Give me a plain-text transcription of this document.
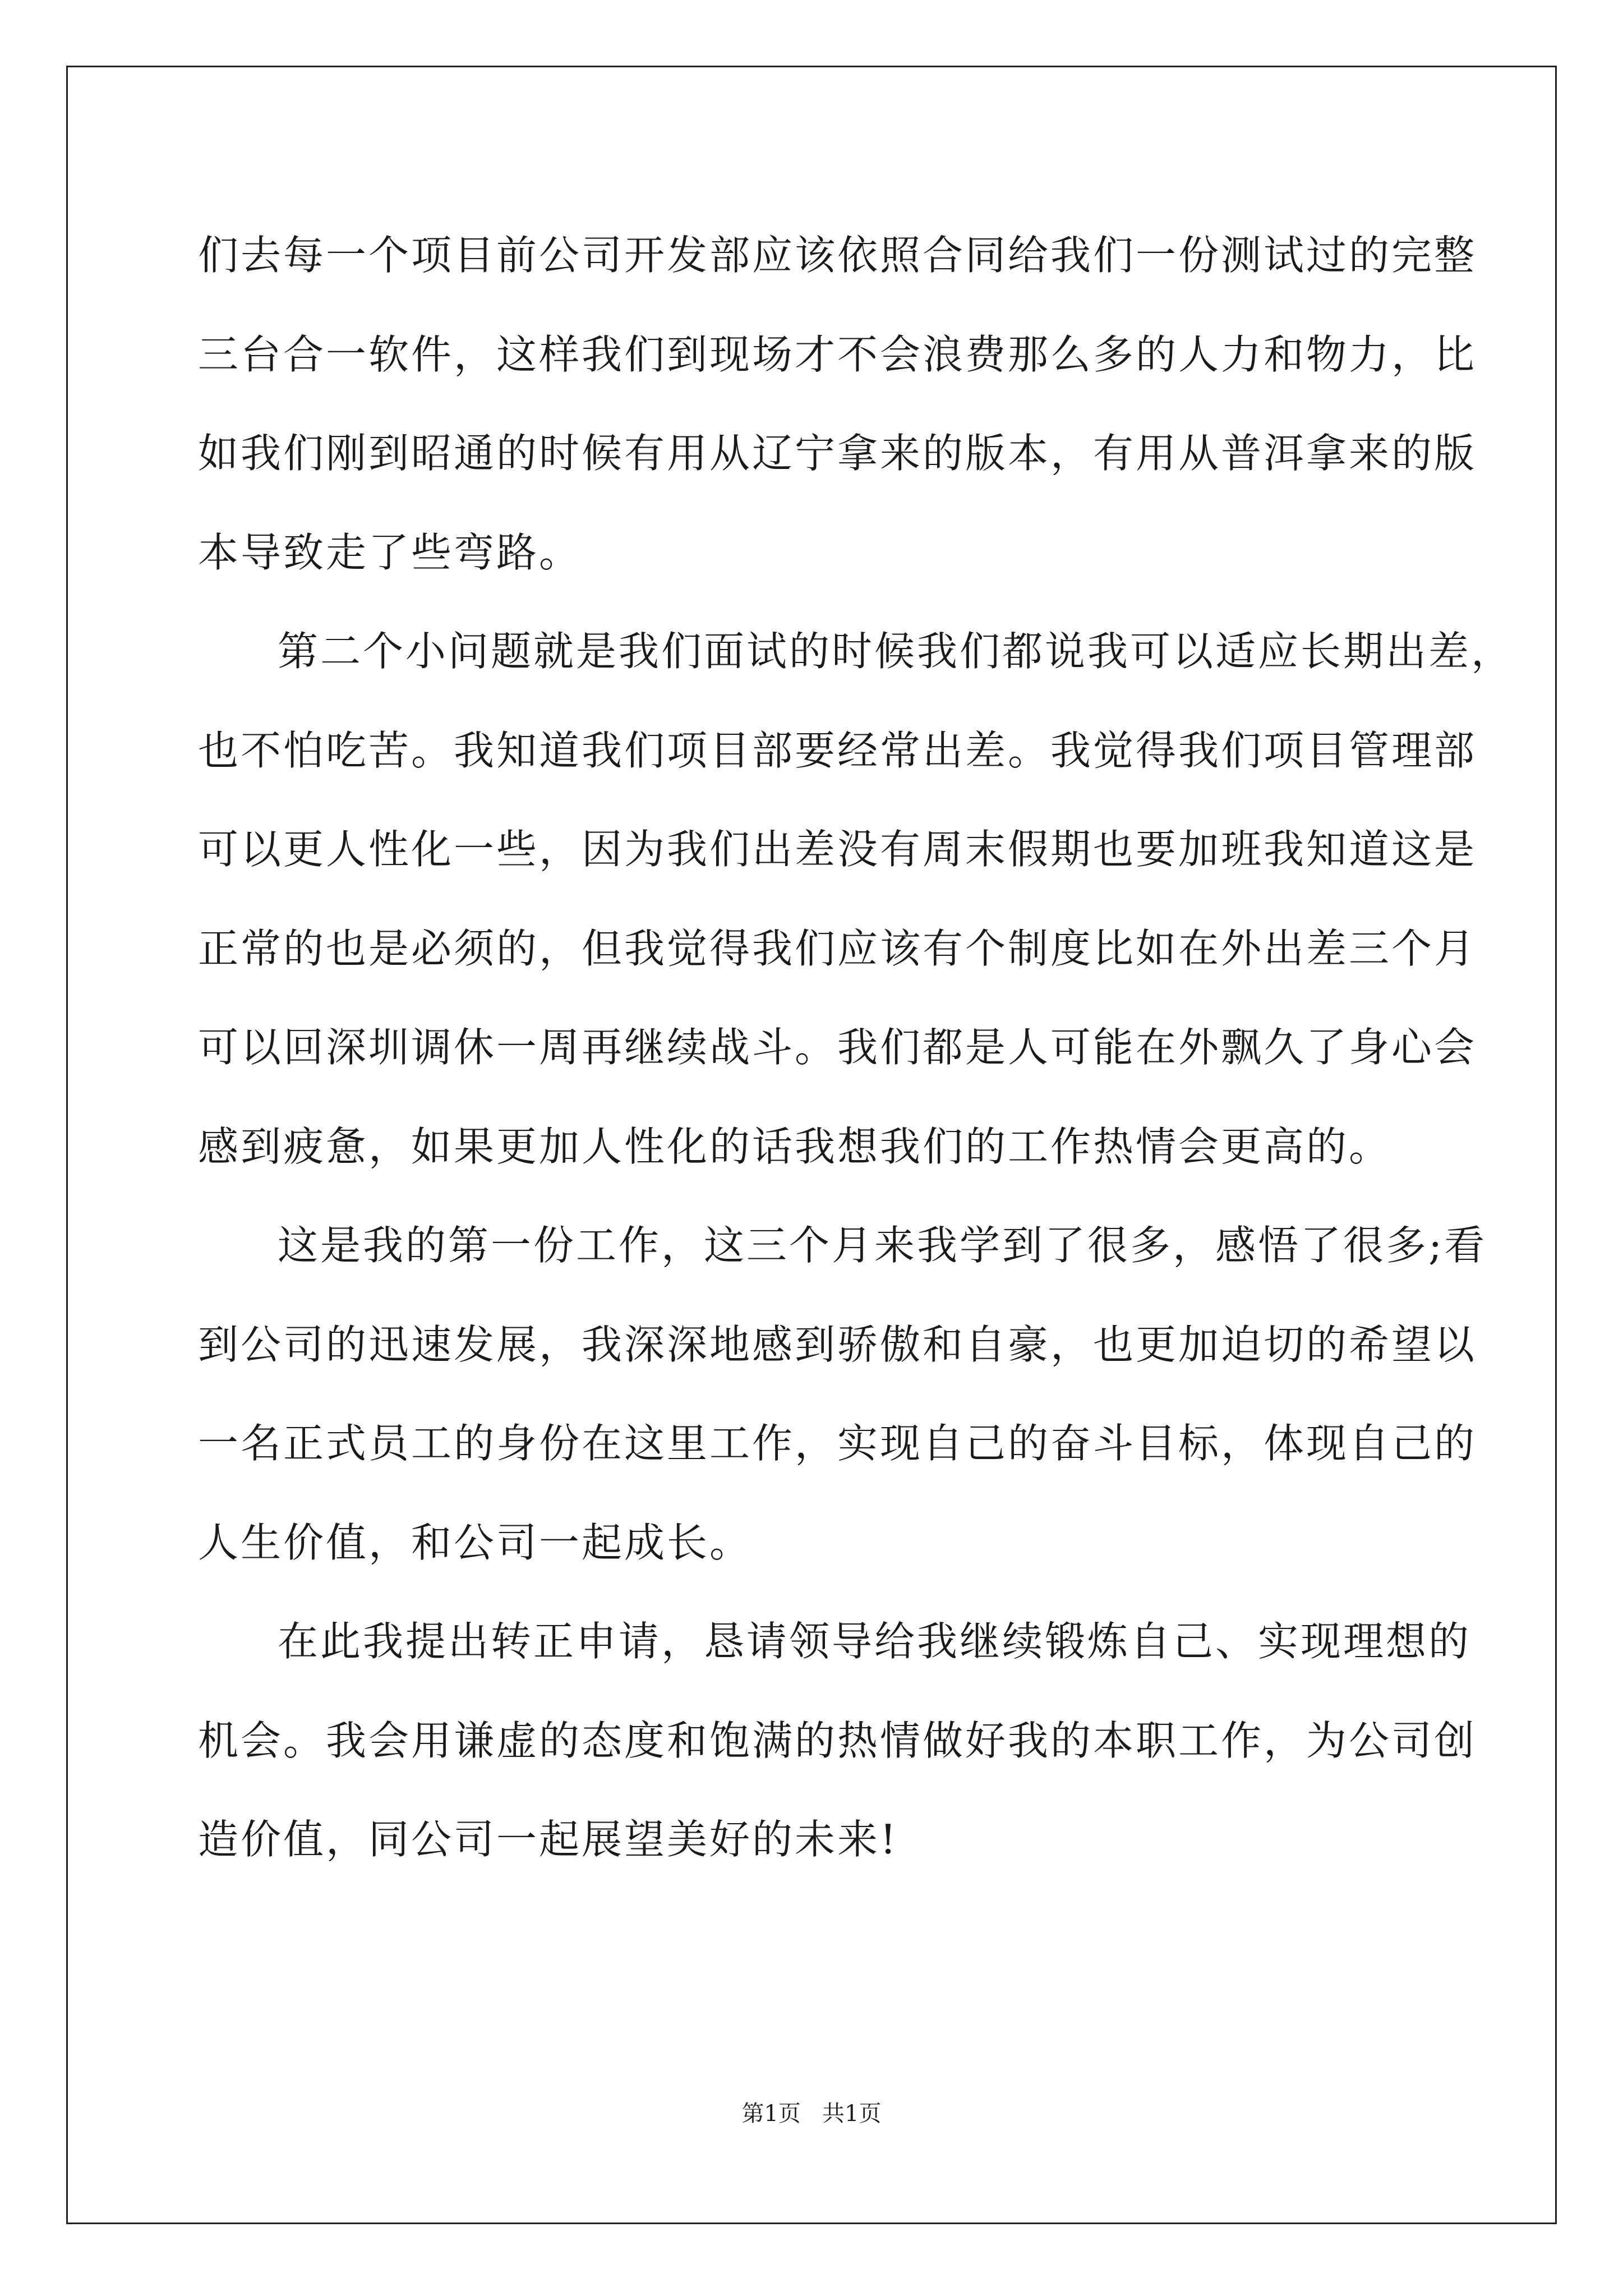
们去每一个项目前公司开发部应该依照合同给我们一份测试过的完整
三台合一软件，这样我们到现场才不会浪费那么多的人力和物力，比
如我们刚到昭通的时候有用从辽宁拿来的版本，有用从普洱拿来的版
本导致走了些弯路。
第二个小问题就是我们面试的时候我们都说我可以适应长期出差，
也不怕吃苦。我知道我们项目部要经常出差。我觉得我们项目管理部
可以更人性化一些，因为我们出差没有周末假期也要加班我知道这是
正常的也是必须的，但我觉得我们应该有个制度比如在外出差三个月
可以回深圳调休一周再继续战斗。我们都是人可能在外飘久了身心会
感到疲惫，如果更加人性化的话我想我们的工作热情会更高的。
这是我的第一份工作，这三个月来我学到了很多，感悟了很多;看
到公司的迅速发展，我深深地感到骄傲和自豪，也更加迫切的希望以
一名正式员工的身份在这里工作，实现自己的奋斗目标，体现自己的
人生价值，和公司一起成长。
在此我提出转正申请，恳请领导给我继续锻炼自己、实现理想的
机会。我会用谦虚的态度和饱满的热情做好我的本职工作，为公司创
造价值，同公司一起展望美好的未来!
第1页   共1页
